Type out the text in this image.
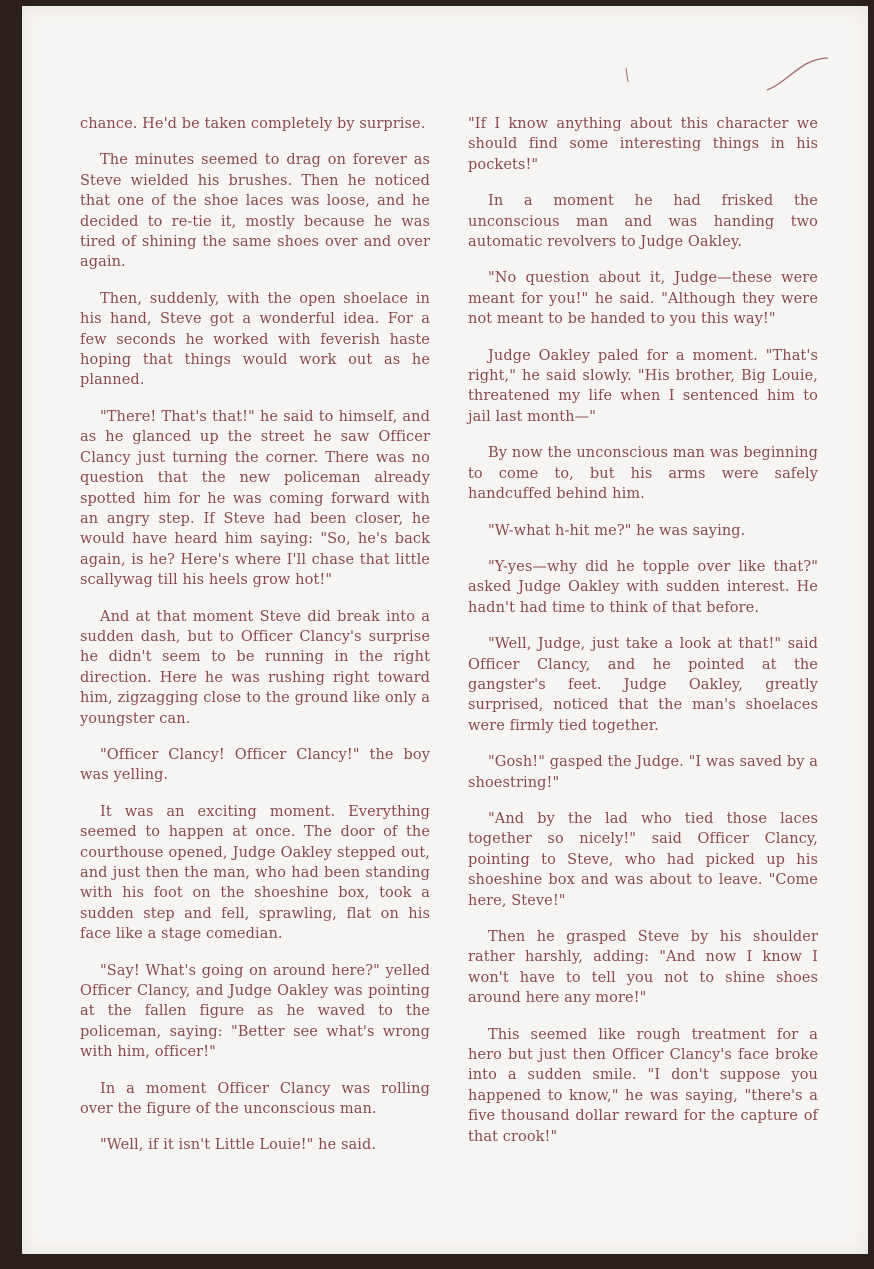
chance. He'd be taken completely by surprise.

The minutes seemed to drag on forever as Steve wielded his brushes. Then he noticed that one of the shoe laces was loose, and he decided to re-tie it, mostly because he was tired of shining the same shoes over and over again.

Then, suddenly, with the open shoelace in his hand, Steve got a wonderful idea. For a few seconds he worked with feverish haste hoping that things would work out as he planned.

"There! That's that!" he said to himself, and as he glanced up the street he saw Officer Clancy just turning the corner. There was no question that the new policeman already spotted him for he was coming forward with an angry step. If Steve had been closer, he would have heard him saying: "So, he's back again, is he? Here's where I'll chase that little scallywag till his heels grow hot!"

And at that moment Steve did break into a sudden dash, but to Officer Clancy's surprise he didn't seem to be running in the right direction. Here he was rushing right toward him, zigzagging close to the ground like only a youngster can.

"Officer Clancy! Officer Clancy!" the boy was yelling.

It was an exciting moment. Everything seemed to happen at once. The door of the courthouse opened, Judge Oakley stepped out, and just then the man, who had been standing with his foot on the shoeshine box, took a sudden step and fell, sprawling, flat on his face like a stage comedian.

"Say! What's going on around here?" yelled Officer Clancy, and Judge Oakley was pointing at the fallen figure as he waved to the policeman, saying: "Better see what's wrong with him, officer!"

In a moment Officer Clancy was rolling over the figure of the unconscious man.

"Well, if it isn't Little Louie!" he said.

"If I know anything about this character we should find some interesting things in his pockets!"

In a moment he had frisked the unconscious man and was handing two automatic revolvers to Judge Oakley.

"No question about it, Judge—these were meant for you!" he said. "Although they were not meant to be handed to you this way!"

Judge Oakley paled for a moment. "That's right," he said slowly. "His brother, Big Louie, threatened my life when I sentenced him to jail last month—"

By now the unconscious man was beginning to come to, but his arms were safely handcuffed behind him.

"W-what h-hit me?" he was saying.

"Y-yes—why did he topple over like that?" asked Judge Oakley with sudden interest. He hadn't had time to think of that before.

"Well, Judge, just take a look at that!" said Officer Clancy, and he pointed at the gangster's feet. Judge Oakley, greatly surprised, noticed that the man's shoelaces were firmly tied together.

"Gosh!" gasped the Judge. "I was saved by a shoestring!"

"And by the lad who tied those laces together so nicely!" said Officer Clancy, pointing to Steve, who had picked up his shoeshine box and was about to leave. "Come here, Steve!"

Then he grasped Steve by his shoulder rather harshly, adding: "And now I know I won't have to tell you not to shine shoes around here any more!"

This seemed like rough treatment for a hero but just then Officer Clancy's face broke into a sudden smile. "I don't suppose you happened to know," he was saying, "there's a five thousand dollar reward for the capture of that crook!"
